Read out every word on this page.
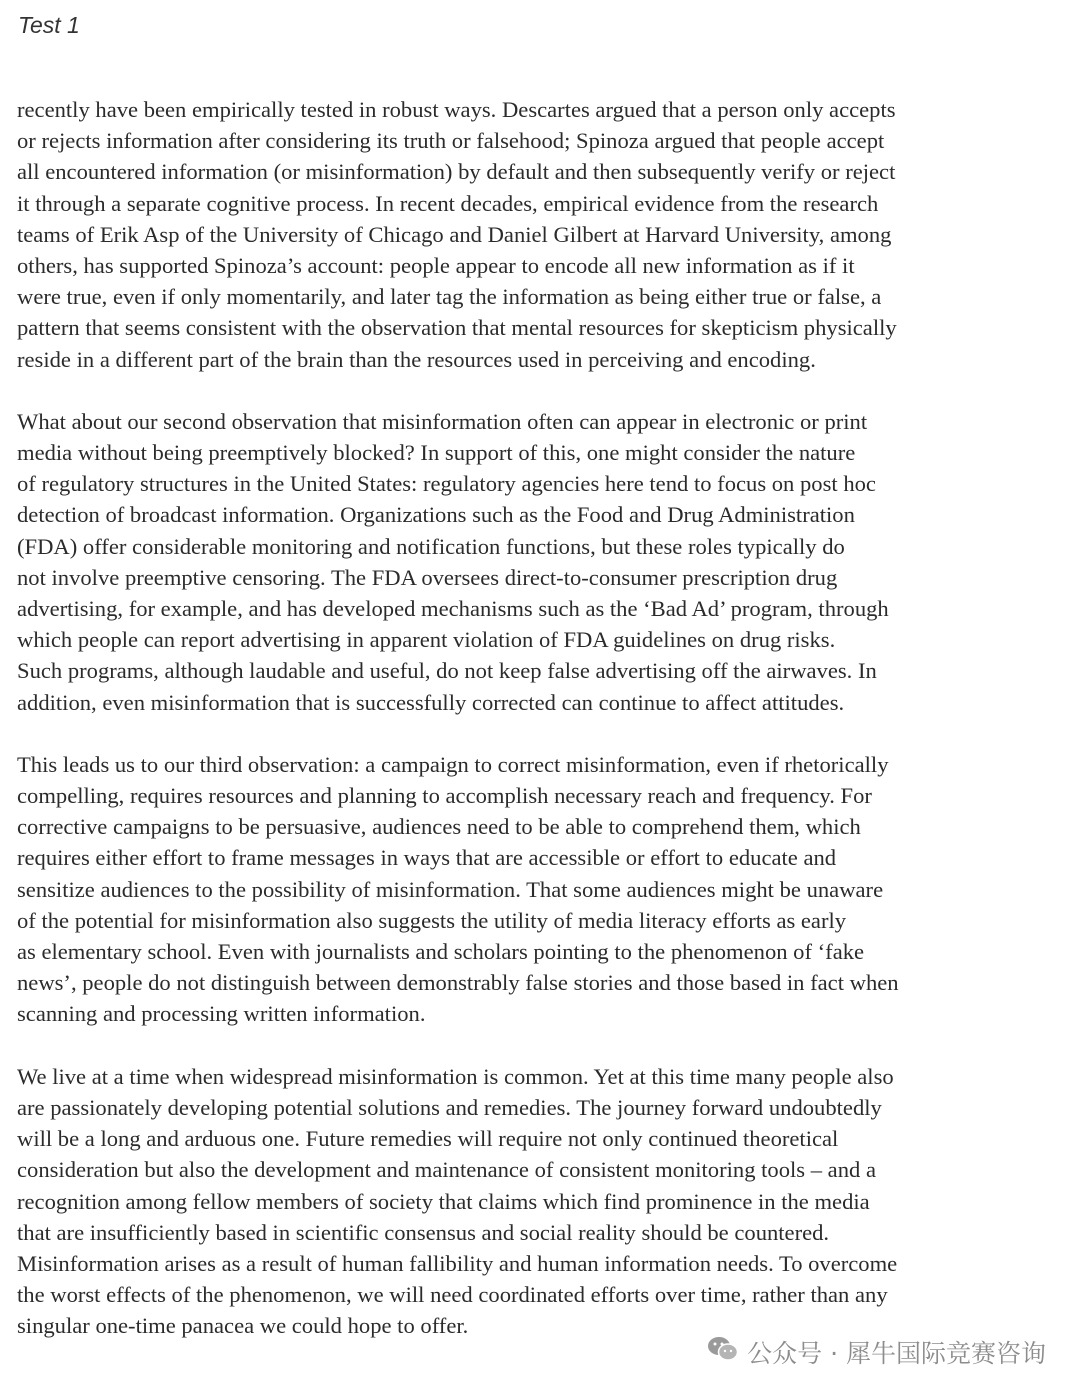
Test 1

recently have been empirically tested in robust ways. Descartes argued that a person only accepts
or rejects information after considering its truth or falsehood; Spinoza argued that people accept
all encountered information (or misinformation) by default and then subsequently verify or reject
it through a separate cognitive process. In recent decades, empirical evidence from the research
teams of Erik Asp of the University of Chicago and Daniel Gilbert at Harvard University, among
others, has supported Spinoza’s account: people appear to encode all new information as if it
were true, even if only momentarily, and later tag the information as being either true or false, a
pattern that seems consistent with the observation that mental resources for skepticism physically
reside in a different part of the brain than the resources used in perceiving and encoding.

What about our second observation that misinformation often can appear in electronic or print
media without being preemptively blocked? In support of this, one might consider the nature
of regulatory structures in the United States: regulatory agencies here tend to focus on post hoc
detection of broadcast information. Organizations such as the Food and Drug Administration
(FDA) offer considerable monitoring and notification functions, but these roles typically do
not involve preemptive censoring. The FDA oversees direct-to-consumer prescription drug
advertising, for example, and has developed mechanisms such as the ‘Bad Ad’ program, through
which people can report advertising in apparent violation of FDA guidelines on drug risks.
Such programs, although laudable and useful, do not keep false advertising off the airwaves. In
addition, even misinformation that is successfully corrected can continue to affect attitudes.

This leads us to our third observation: a campaign to correct misinformation, even if rhetorically
compelling, requires resources and planning to accomplish necessary reach and frequency. For
corrective campaigns to be persuasive, audiences need to be able to comprehend them, which
requires either effort to frame messages in ways that are accessible or effort to educate and
sensitize audiences to the possibility of misinformation. That some audiences might be unaware
of the potential for misinformation also suggests the utility of media literacy efforts as early
as elementary school. Even with journalists and scholars pointing to the phenomenon of ‘fake
news’, people do not distinguish between demonstrably false stories and those based in fact when
scanning and processing written information.

We live at a time when widespread misinformation is common. Yet at this time many people also
are passionately developing potential solutions and remedies. The journey forward undoubtedly
will be a long and arduous one. Future remedies will require not only continued theoretical
consideration but also the development and maintenance of consistent monitoring tools – and a
recognition among fellow members of society that claims which find prominence in the media
that are insufficiently based in scientific consensus and social reality should be countered.
Misinformation arises as a result of human fallibility and human information needs. To overcome
the worst effects of the phenomenon, we will need coordinated efforts over time, rather than any
singular one-time panacea we could hope to offer.

公众号 · 犀牛国际竞赛咨询
